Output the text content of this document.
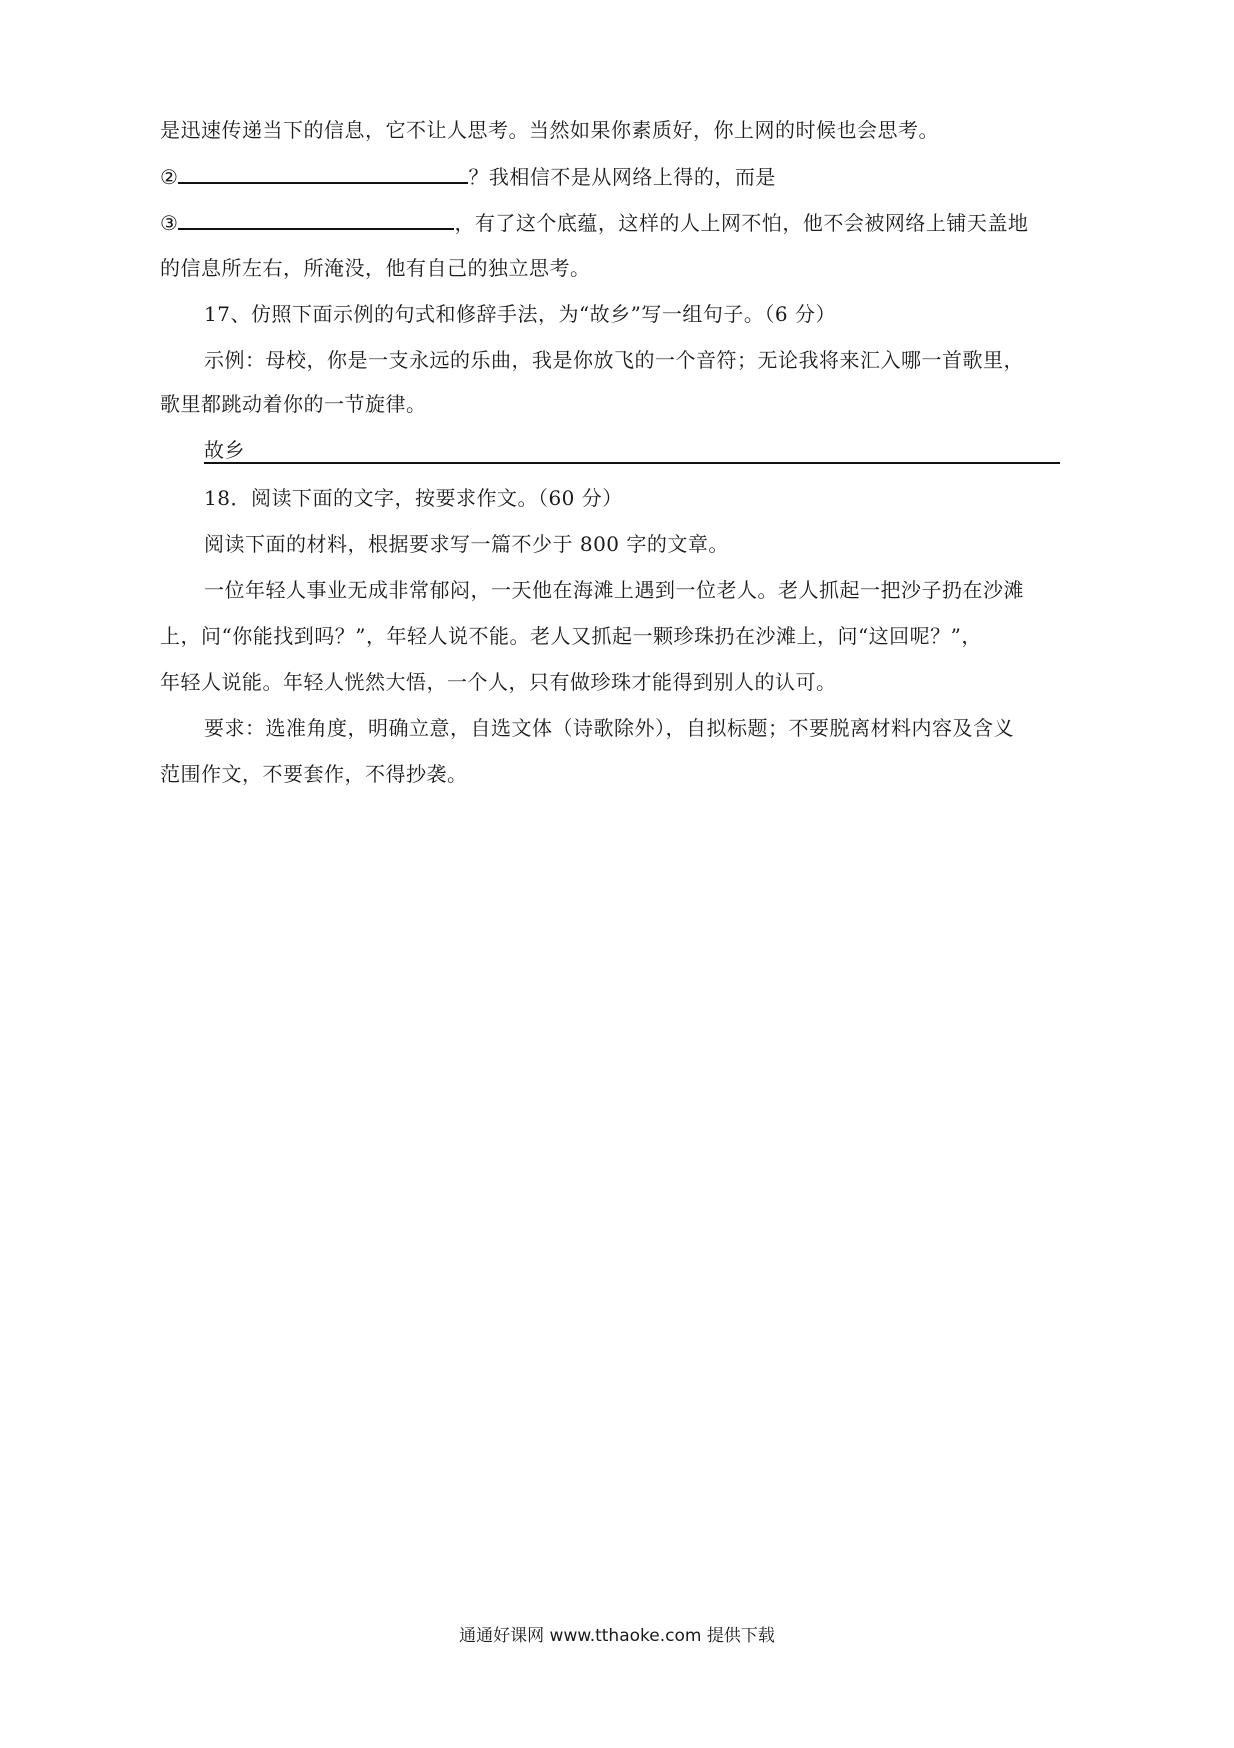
是迅速传递当下的信息，它不让人思考。当然如果你素质好，你上网的时候也会思考。
②	？我相信不是从网络上得的，而是
③	，有了这个底蕴，这样的人上网不怕，他不会被网络上铺天盖地
的信息所左右，所淹没，他有自己的独立思考。
17、仿照下面示例的句式和修辞手法，为“故乡”写一组句子。（6 分）
示例：母校，你是一支永远的乐曲，我是你放飞的一个音符；无论我将来汇入哪一首歌里，
歌里都跳动着你的一节旋律。
故乡
18．阅读下面的文字，按要求作文。（60 分）
阅读下面的材料，根据要求写一篇不少于 800 字的文章。
一位年轻人事业无成非常郁闷，一天他在海滩上遇到一位老人。老人抓起一把沙子扔在沙滩
上，问“你能找到吗？”，年轻人说不能。老人又抓起一颗珍珠扔在沙滩上，问“这回呢？”，
年轻人说能。年轻人恍然大悟，一个人，只有做珍珠才能得到别人的认可。
要求：选准角度，明确立意，自选文体（诗歌除外），自拟标题；不要脱离材料内容及含义
范围作文，不要套作，不得抄袭。
通通好课网 www.tthaoke.com 提供下载
